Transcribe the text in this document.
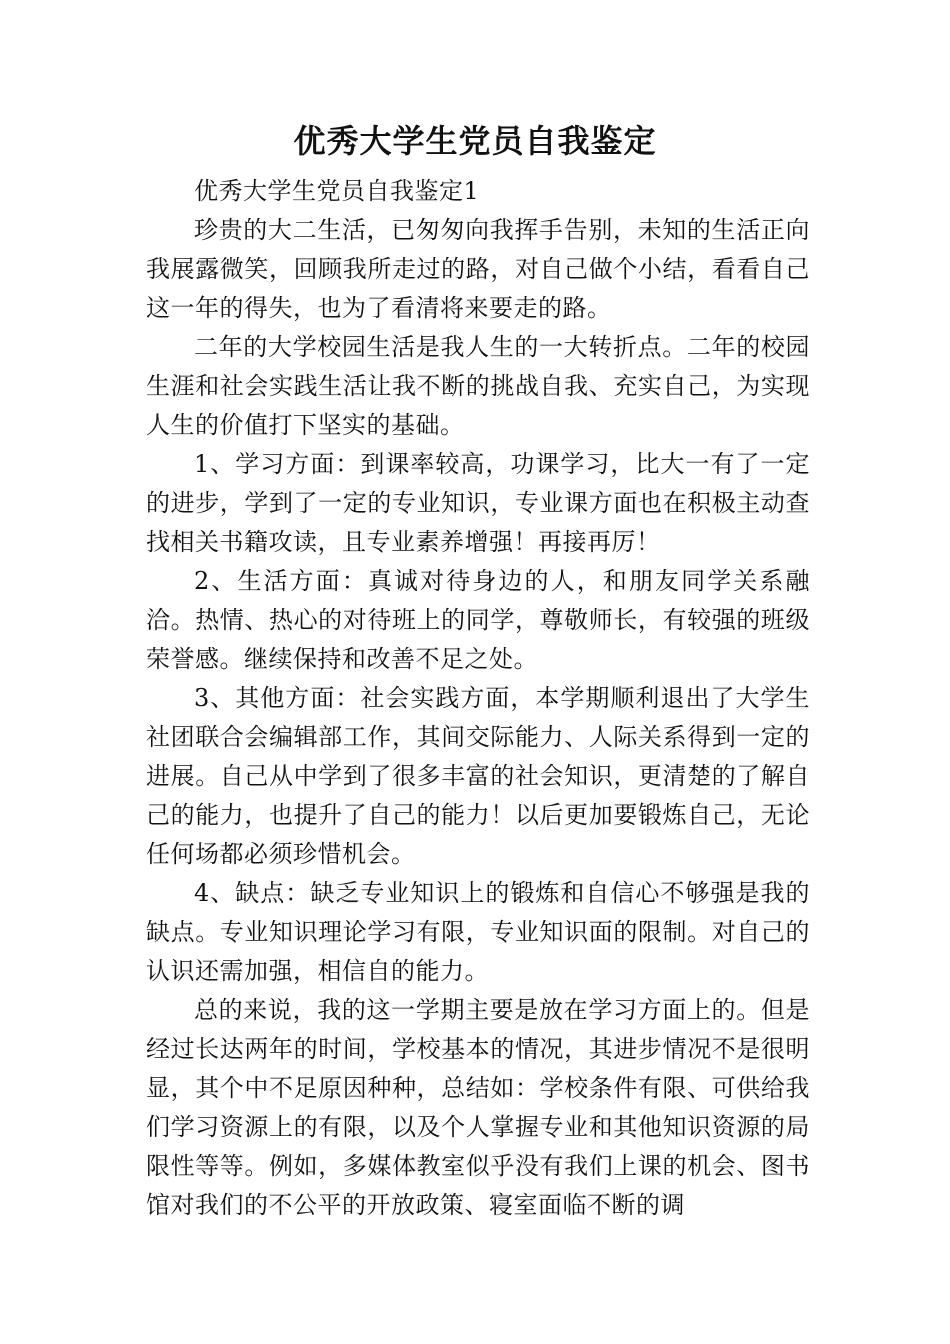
优秀大学生党员自我鉴定

优秀大学生党员自我鉴定1

珍贵的大二生活，已匆匆向我挥手告别，未知的生活正向我展露微笑，回顾我所走过的路，对自己做个小结，看看自己这一年的得失，也为了看清将来要走的路。

二年的大学校园生活是我人生的一大转折点。二年的校园生涯和社会实践生活让我不断的挑战自我、充实自己，为实现人生的价值打下坚实的基础。

1、学习方面：到课率较高，功课学习，比大一有了一定的进步，学到了一定的专业知识，专业课方面也在积极主动查找相关书籍攻读，且专业素养增强！再接再厉！

2、生活方面：真诚对待身边的人，和朋友同学关系融洽。热情、热心的对待班上的同学，尊敬师长，有较强的班级荣誉感。继续保持和改善不足之处。

3、其他方面：社会实践方面，本学期顺利退出了大学生社团联合会编辑部工作，其间交际能力、人际关系得到一定的进展。自己从中学到了很多丰富的社会知识，更清楚的了解自己的能力，也提升了自己的能力！以后更加要锻炼自己，无论任何场都必须珍惜机会。

4、缺点：缺乏专业知识上的锻炼和自信心不够强是我的缺点。专业知识理论学习有限，专业知识面的限制。对自己的认识还需加强，相信自的能力。

总的来说，我的这一学期主要是放在学习方面上的。但是经过长达两年的时间，学校基本的情况，其进步情况不是很明显，其个中不足原因种种，总结如：学校条件有限、可供给我们学习资源上的有限，以及个人掌握专业和其他知识资源的局限性等等。例如，多媒体教室似乎没有我们上课的机会、图书馆对我们的不公平的开放政策、寝室面临不断的调
